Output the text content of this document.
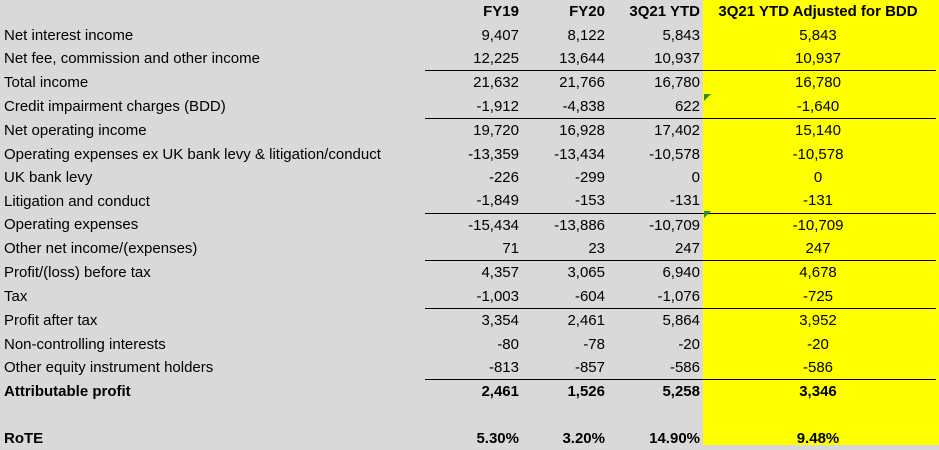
	FY19	FY20	3Q21 YTD	3Q21 YTD Adjusted for BDD
Net interest income	9,407	8,122	5,843	5,843
Net fee, commission and other income	12,225	13,644	10,937	10,937
Total income	21,632	21,766	16,780	16,780
Credit impairment charges (BDD)	-1,912	-4,838	622	-1,640
Net operating income	19,720	16,928	17,402	15,140
Operating expenses ex UK bank levy & litigation/conduct	-13,359	-13,434	-10,578	-10,578
UK bank levy	-226	-299	0	0
Litigation and conduct	-1,849	-153	-131	-131
Operating expenses	-15,434	-13,886	-10,709	-10,709
Other net income/(expenses)	71	23	247	247
Profit/(loss) before tax	4,357	3,065	6,940	4,678
Tax	-1,003	-604	-1,076	-725
Profit after tax	3,354	2,461	5,864	3,952
Non-controlling interests	-80	-78	-20	-20
Other equity instrument holders	-813	-857	-586	-586
Attributable profit	2,461	1,526	5,258	3,346

RoTE	5.30%	3.20%	14.90%	9.48%
